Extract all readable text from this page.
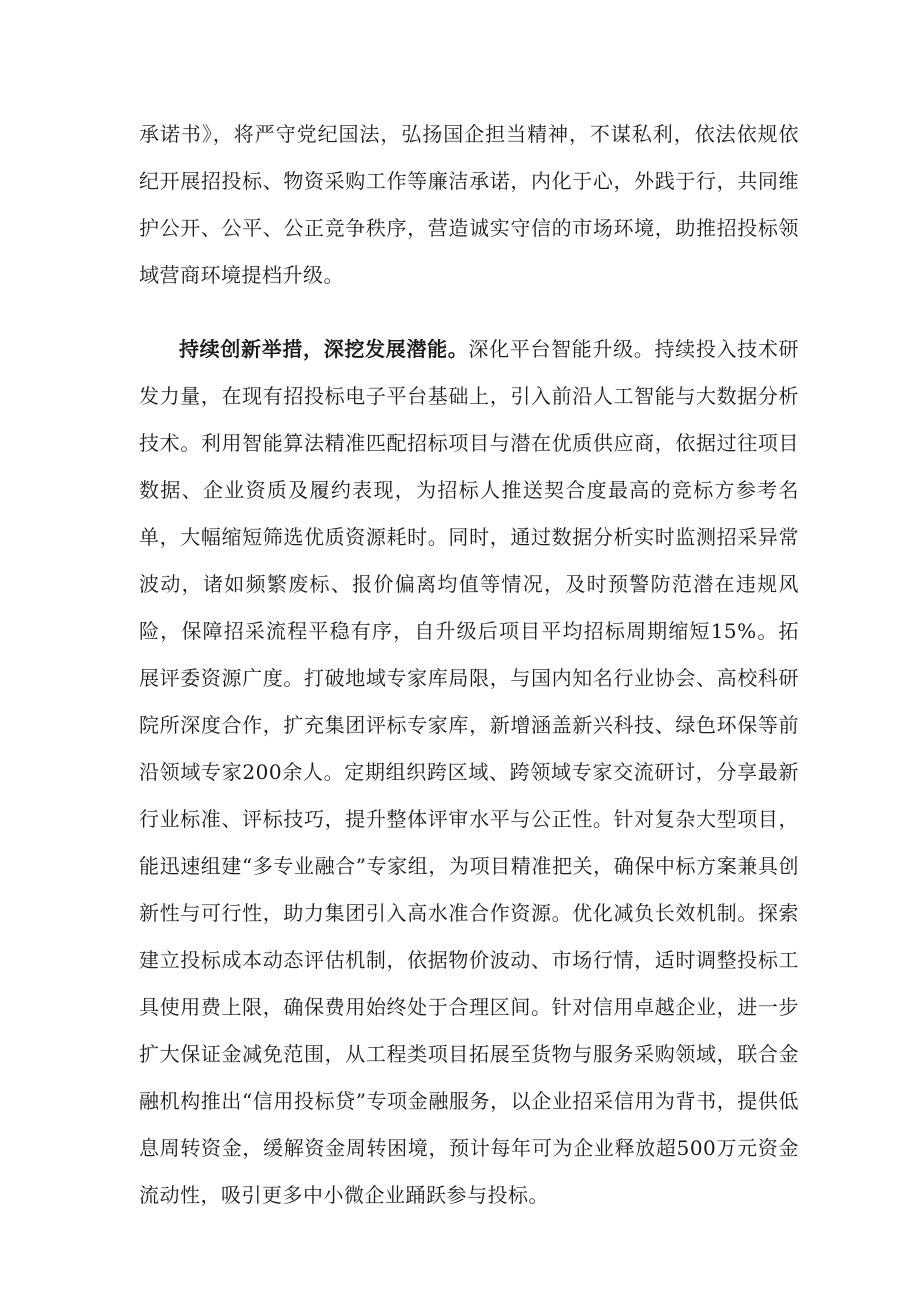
承诺书》，将严守党纪国法，弘扬国企担当精神，不谋私利，依法依规依纪开展招投标、物资采购工作等廉洁承诺，内化于心，外践于行，共同维护公开、公平、公正竞争秩序，营造诚实守信的市场环境，助推招投标领域营商环境提档升级。

持续创新举措，深挖发展潜能。深化平台智能升级。持续投入技术研发力量，在现有招投标电子平台基础上，引入前沿人工智能与大数据分析技术。利用智能算法精准匹配招标项目与潜在优质供应商，依据过往项目数据、企业资质及履约表现，为招标人推送契合度最高的竞标方参考名单，大幅缩短筛选优质资源耗时。同时，通过数据分析实时监测招采异常波动，诸如频繁废标、报价偏离均值等情况，及时预警防范潜在违规风险，保障招采流程平稳有序，自升级后项目平均招标周期缩短15%。拓展评委资源广度。打破地域专家库局限，与国内知名行业协会、高校科研院所深度合作，扩充集团评标专家库，新增涵盖新兴科技、绿色环保等前沿领域专家200余人。定期组织跨区域、跨领域专家交流研讨，分享最新行业标准、评标技巧，提升整体评审水平与公正性。针对复杂大型项目，能迅速组建“多专业融合”专家组，为项目精准把关，确保中标方案兼具创新性与可行性，助力集团引入高水准合作资源。优化减负长效机制。探索建立投标成本动态评估机制，依据物价波动、市场行情，适时调整投标工具使用费上限，确保费用始终处于合理区间。针对信用卓越企业，进一步扩大保证金减免范围，从工程类项目拓展至货物与服务采购领域，联合金融机构推出“信用投标贷”专项金融服务，以企业招采信用为背书，提供低息周转资金，缓解资金周转困境，预计每年可为企业释放超500万元资金流动性，吸引更多中小微企业踊跃参与投标。
